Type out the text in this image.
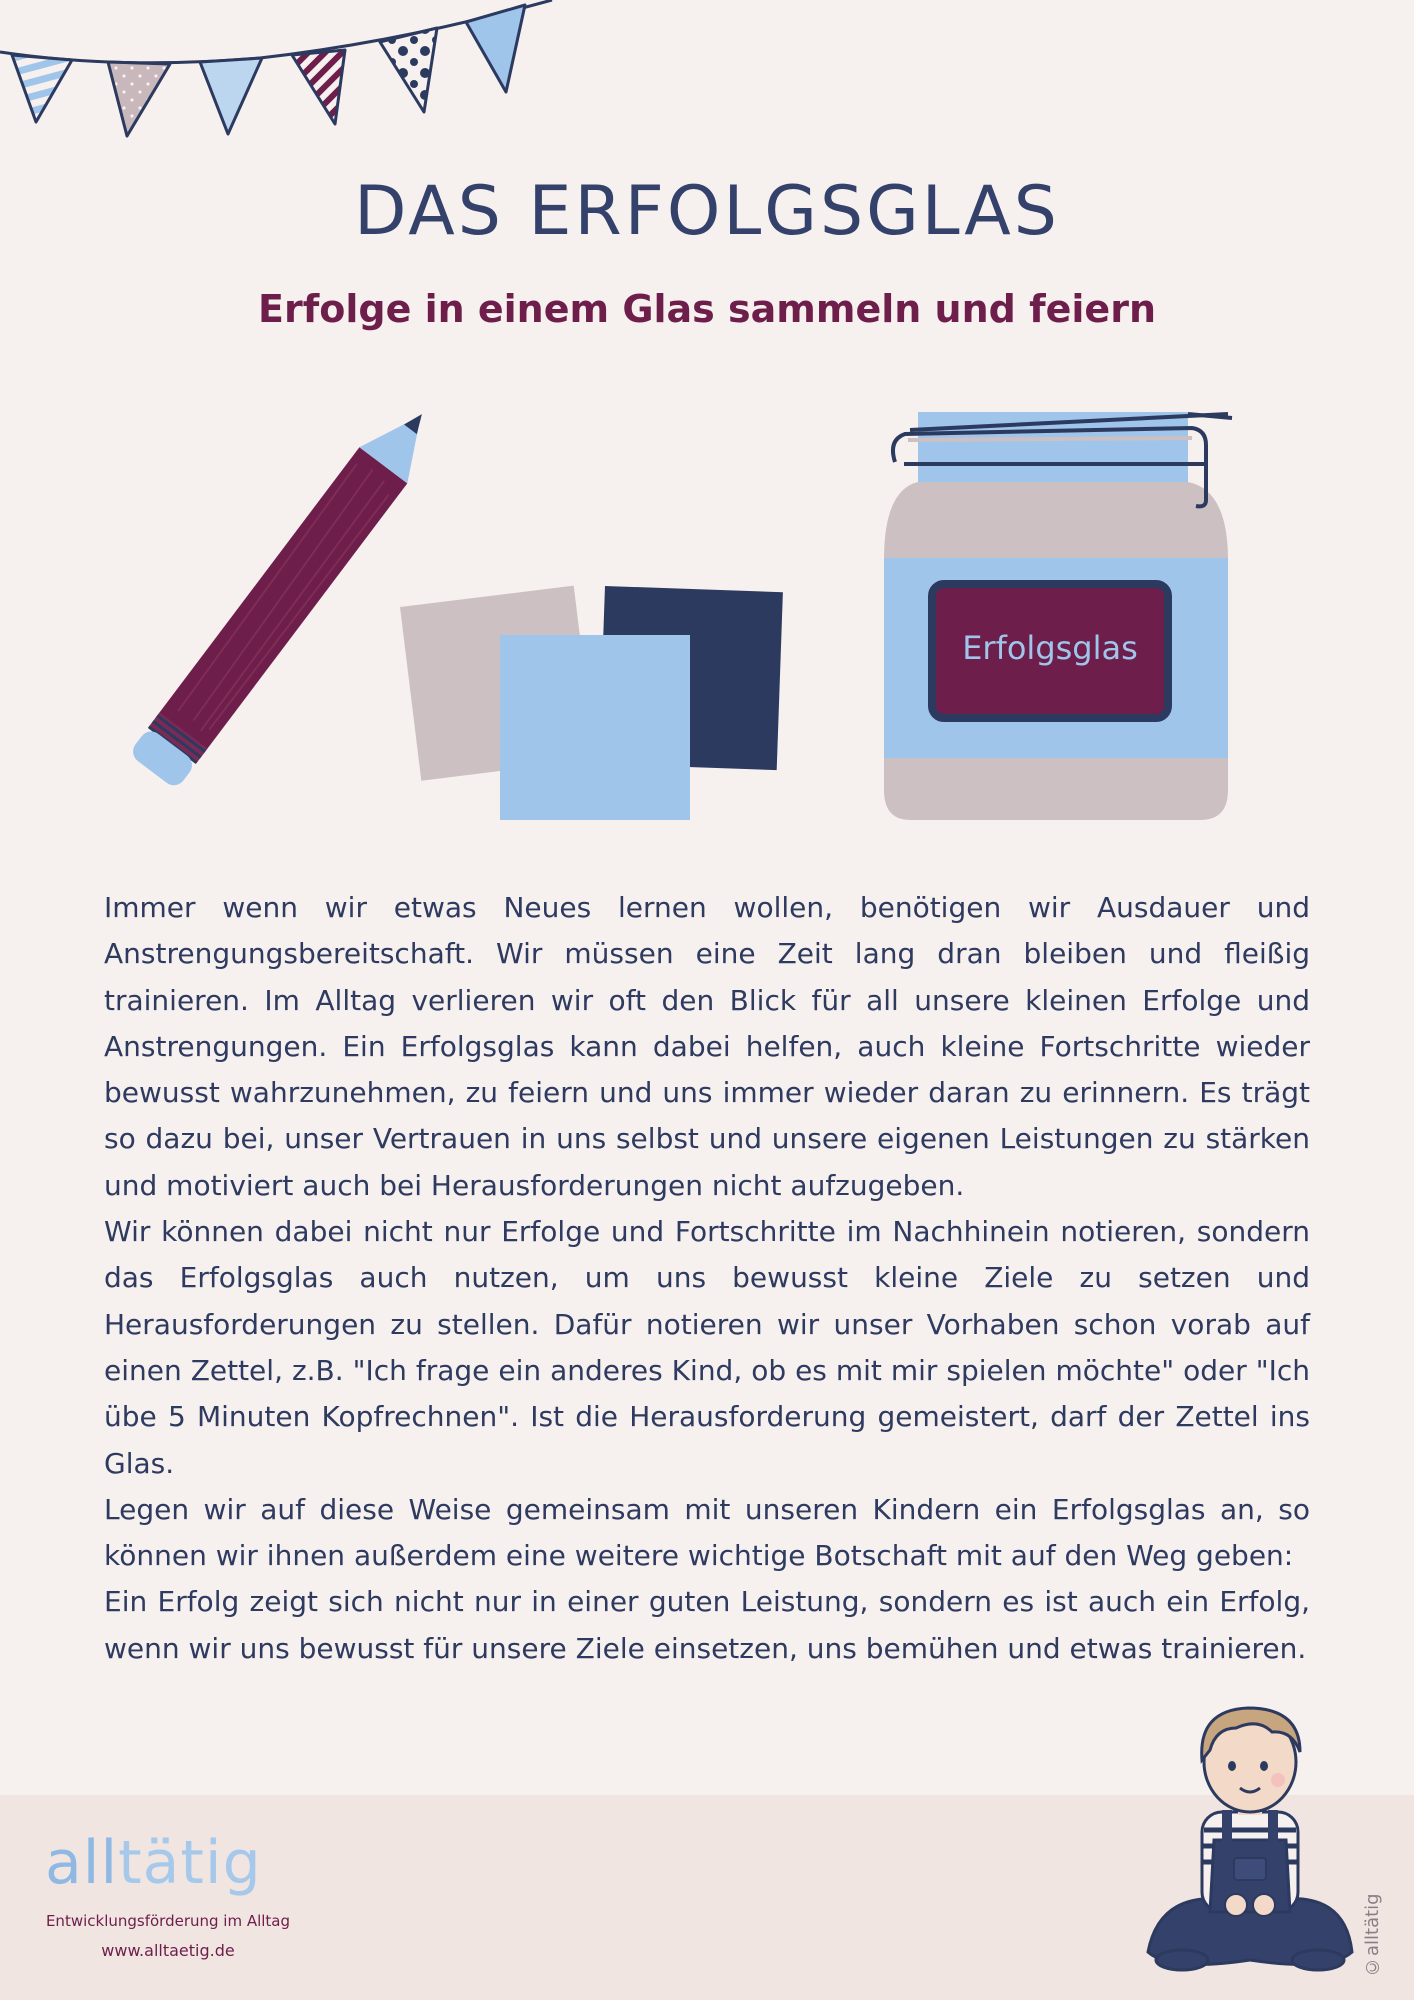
DAS ERFOLGSGLAS
Erfolge in einem Glas sammeln und feiern
Erfolgsglas

Immer wenn wir etwas Neues lernen wollen, benötigen wir Ausdauer und Anstrengungsbereitschaft. Wir müssen eine Zeit lang dran bleiben und fleißig trainieren. Im Alltag verlieren wir oft den Blick für all unsere kleinen Erfolge und Anstrengungen. Ein Erfolgsglas kann dabei helfen, auch kleine Fortschritte wieder bewusst wahrzunehmen, zu feiern und uns immer wieder daran zu erinnern. Es trägt so dazu bei, unser Vertrauen in uns selbst und unsere eigenen Leistungen zu stärken und motiviert auch bei Herausforderungen nicht aufzugeben.

Wir können dabei nicht nur Erfolge und Fortschritte im Nachhinein notieren, sondern das Erfolgsglas auch nutzen, um uns bewusst kleine Ziele zu setzen und Herausforderungen zu stellen. Dafür notieren wir unser Vorhaben schon vorab auf einen Zettel, z.B. "Ich frage ein anderes Kind, ob es mit mir spielen möchte" oder "Ich übe 5 Minuten Kopfrechnen". Ist die Herausforderung gemeistert, darf der Zettel ins Glas.

Legen wir auf diese Weise gemeinsam mit unseren Kindern ein Erfolgsglas an, so können wir ihnen außerdem eine weitere wichtige Botschaft mit auf den Weg geben:

Ein Erfolg zeigt sich nicht nur in einer guten Leistung, sondern es ist auch ein Erfolg, wenn wir uns bewusst für unsere Ziele einsetzen, uns bemühen und etwas trainieren.

alltätig
Entwicklungsförderung im Alltag
www.alltaetig.de	©alltätig
